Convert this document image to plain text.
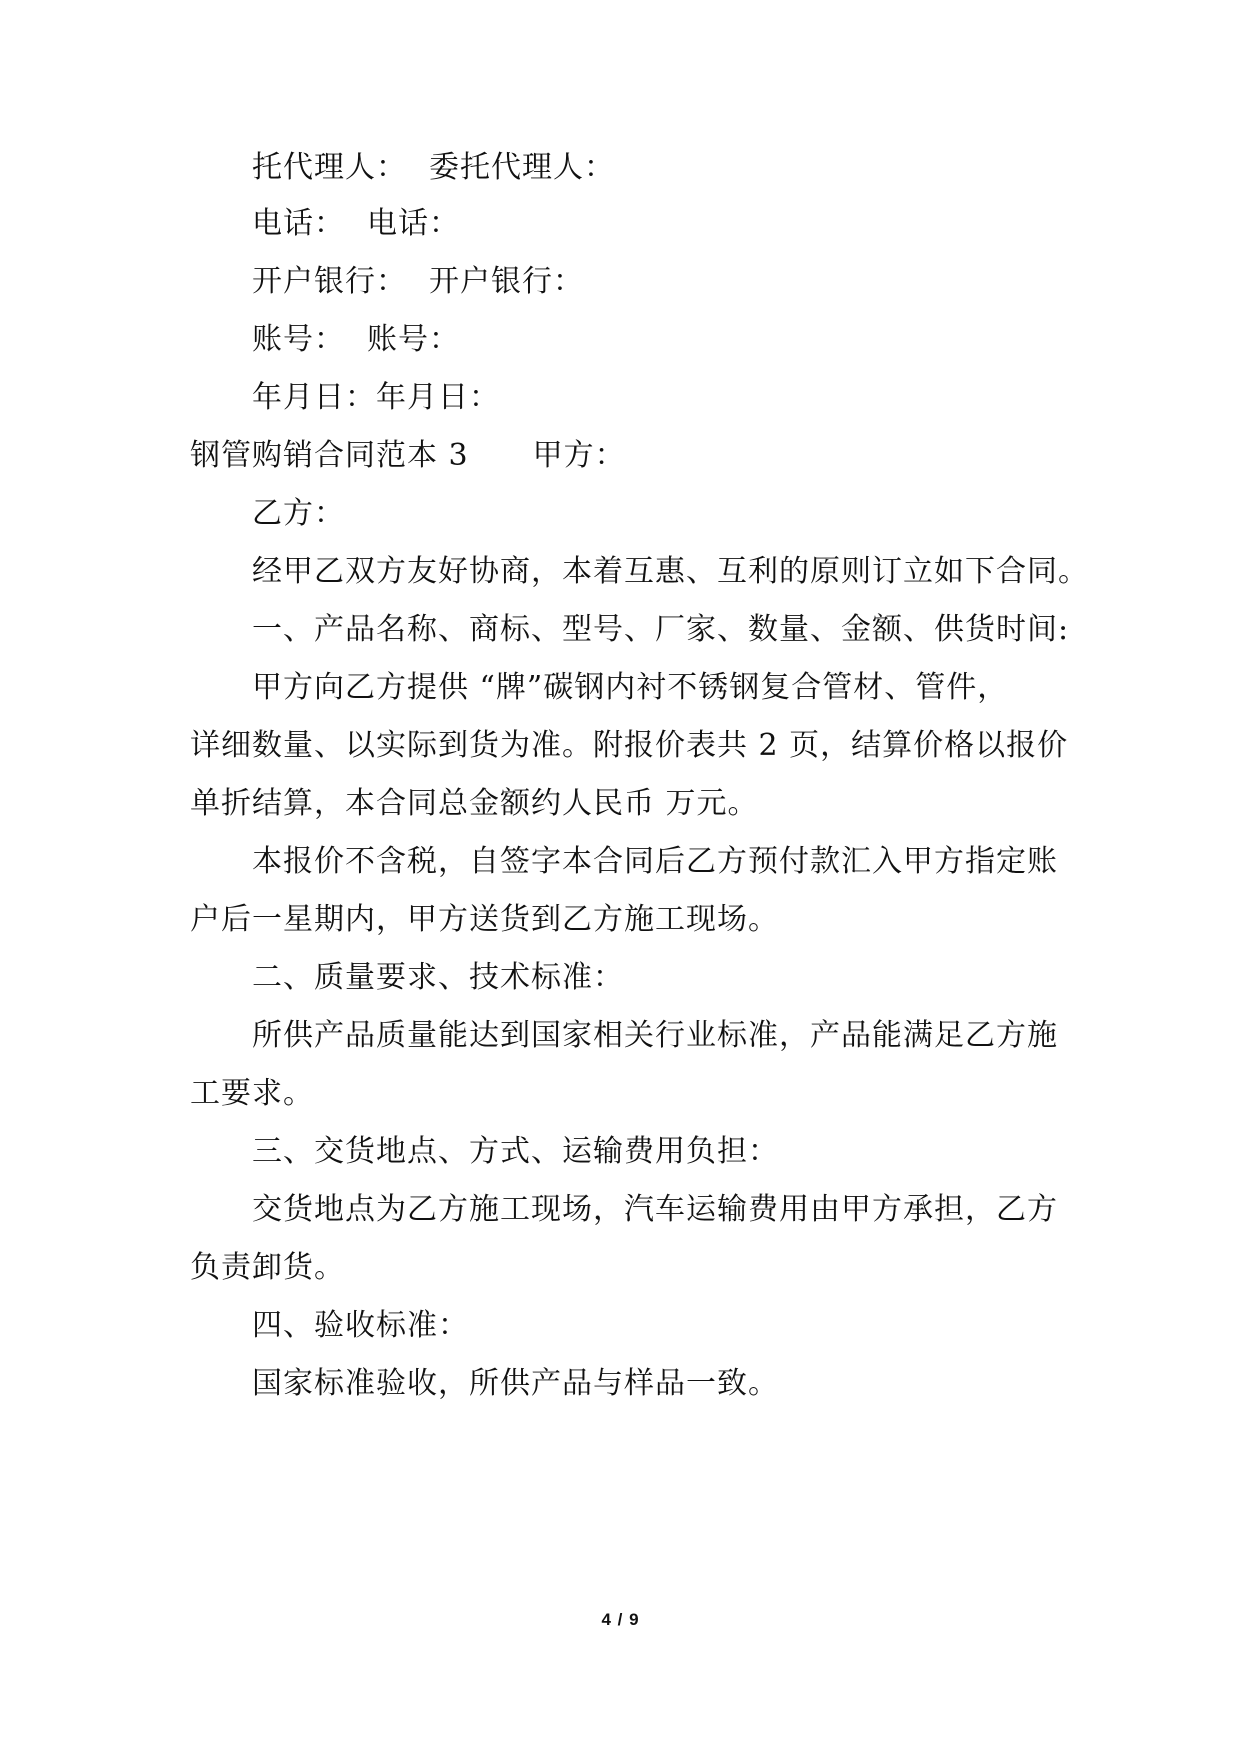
托代理人： 委托代理人：
电话： 电话：
开户银行： 开户银行：
账号： 账号：
年月日：年月日：
钢管购销合同范本 3 甲方：
乙方：
经甲乙双方友好协商，本着互惠、互利的原则订立如下合同。
一、产品名称、商标、型号、厂家、数量、金额、供货时间:
甲方向乙方提供 “牌”碳钢内衬不锈钢复合管材、管件，
详细数量、以实际到货为准。附报价表共 2 页，结算价格以报价
单折结算，本合同总金额约人民币 万元。
本报价不含税，自签字本合同后乙方预付款汇入甲方指定账
户后一星期内，甲方送货到乙方施工现场。
二、质量要求、技术标准：
所供产品质量能达到国家相关行业标准，产品能满足乙方施
工要求。
三、交货地点、方式、运输费用负担：
交货地点为乙方施工现场，汽车运输费用由甲方承担，乙方
负责卸货。
四、验收标准：
国家标准验收，所供产品与样品一致。
4 / 9
